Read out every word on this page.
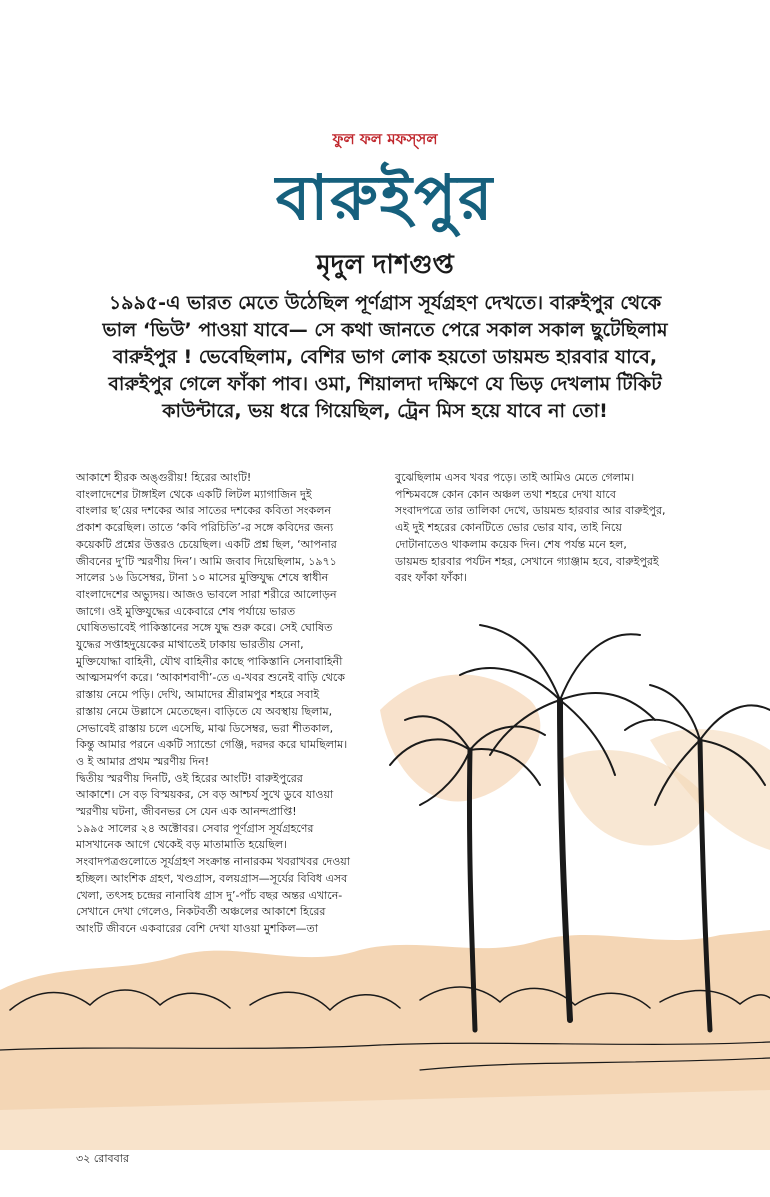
ফুল ফল মফস্‌সল
বারুইপুর
মৃদুল দাশগুপ্ত
১৯৯৫-এ ভারত মেতে উঠেছিল পূর্ণগ্রাস সূর্যগ্রহণ দেখতে। বারুইপুর থেকে
ভাল ‘ভিউ’ পাওয়া যাবে— সে কথা জানতে পেরে সকাল সকাল ছুটেছিলাম
বারুইপুর ! ভেবেছিলাম, বেশির ভাগ লোক হয়তো ডায়মন্ড হারবার যাবে,
বারুইপুর গেলে ফাঁকা পাব। ওমা, শিয়ালদা দক্ষিণে যে ভিড় দেখলাম টিকিট
কাউন্টারে, ভয় ধরে গিয়েছিল, ট্রেন মিস হয়ে যাবে না তো!
আকাশে হীরক অঙ্গুরীয়! হিরের আংটি!
বাংলাদেশের টাঙ্গাইল থেকে একটি লিটল ম্যাগাজিন দুই
বাংলার ছ’য়ের দশকের আর সাতের দশকের কবিতা সংকলন
প্রকাশ করেছিল। তাতে ‘কবি পরিচিতি’-র সঙ্গে কবিদের জন্য
কয়েকটি প্রশ্নের উত্তরও চেয়েছিল। একটি প্রশ্ন ছিল, ‘আপনার
জীবনের দু’টি স্মরণীয় দিন’। আমি জবাব দিয়েছিলাম, ১৯৭১
সালের ১৬ ডিসেম্বর, টানা ১০ মাসের মুক্তিযুদ্ধ শেষে স্বাধীন
বাংলাদেশের অভ্যুদয়। আজও ভাবলে সারা শরীরে আলোড়ন
জাগে। ওই মুক্তিযুদ্ধের একেবারে শেষ পর্যায়ে ভারত
ঘোষিতভাবেই পাকিস্তানের সঙ্গে যুদ্ধ শুরু করে। সেই ঘোষিত
যুদ্ধের সপ্তাহদুয়েকের মাথাতেই ঢাকায় ভারতীয় সেনা,
মুক্তিযোদ্ধা বাহিনী, যৌথ বাহিনীর কাছে পাকিস্তানি সেনাবাহিনী
আত্মসমর্পণ করে। ‘আকাশবাণী’-তে এ-খবর শুনেই বাড়ি থেকে
রাস্তায় নেমে পড়ি। দেখি, আমাদের শ্রীরামপুর শহরে সবাই
রাস্তায় নেমে উল্লাসে মেতেছেন। বাড়িতে যে অবস্থায় ছিলাম,
সেভাবেই রাস্তায় চলে এসেছি, মাঝ ডিসেম্বর, ভরা শীতকাল,
কিন্তু আমার পরনে একটি স্যান্ডো গেঞ্জি, দরদর করে ঘামছিলাম।
ও ই আমার প্রথম স্মরণীয় দিন!
দ্বিতীয় স্মরণীয় দিনটি, ওই হিরের আংটি! বারুইপুরের
আকাশে। সে বড় বিস্ময়কর, সে বড় আশ্চর্য সুখে ডুবে যাওয়া
স্মরণীয় ঘটনা, জীবনভর সে যেন এক আনন্দপ্রাপ্তি!
১৯৯৫ সালের ২৪ অক্টোবর। সেবার পূর্ণগ্রাস সূর্যগ্রহণের
মাসখানেক আগে থেকেই বড় মাতামাতি হয়েছিল।
সংবাদপত্রগুলোতে সূর্যগ্রহণ সংক্রান্ত নানারকম খবরাখবর দেওয়া
হচ্ছিল। আংশিক গ্রহণ, খণ্ডগ্রাস, বলয়গ্রাস—সূর্যের বিবিধ এসব
খেলা, তৎসহ চন্দ্রের নানাবিধ গ্রাস দু’-পাঁচ বছর অন্তর এখানে-
সেখানে দেখা গেলেও, নিকটবর্তী অঞ্চলের আকাশে হিরের
আংটি জীবনে একবারের বেশি দেখা যাওয়া মুশকিল—তা
বুঝেছিলাম এসব খবর পড়ে। তাই আমিও মেতে গেলাম।
পশ্চিমবঙ্গে কোন কোন অঞ্চল তথা শহরে দেখা যাবে
সংবাদপত্রে তার তালিকা দেখে, ডায়মন্ড হারবার আর বারুইপুর,
এই দুই শহরের কোনটিতে ভোর ভোর যাব, তাই নিয়ে
দোটানাতেও থাকলাম কয়েক দিন। শেষ পর্যন্ত মনে হল,
ডায়মন্ড হারবার পর্যটন শহর, সেখানে গ্যাঞ্জাম হবে, বারুইপুরই
বরং ফাঁকা ফাঁকা।
৩২ রোববার
